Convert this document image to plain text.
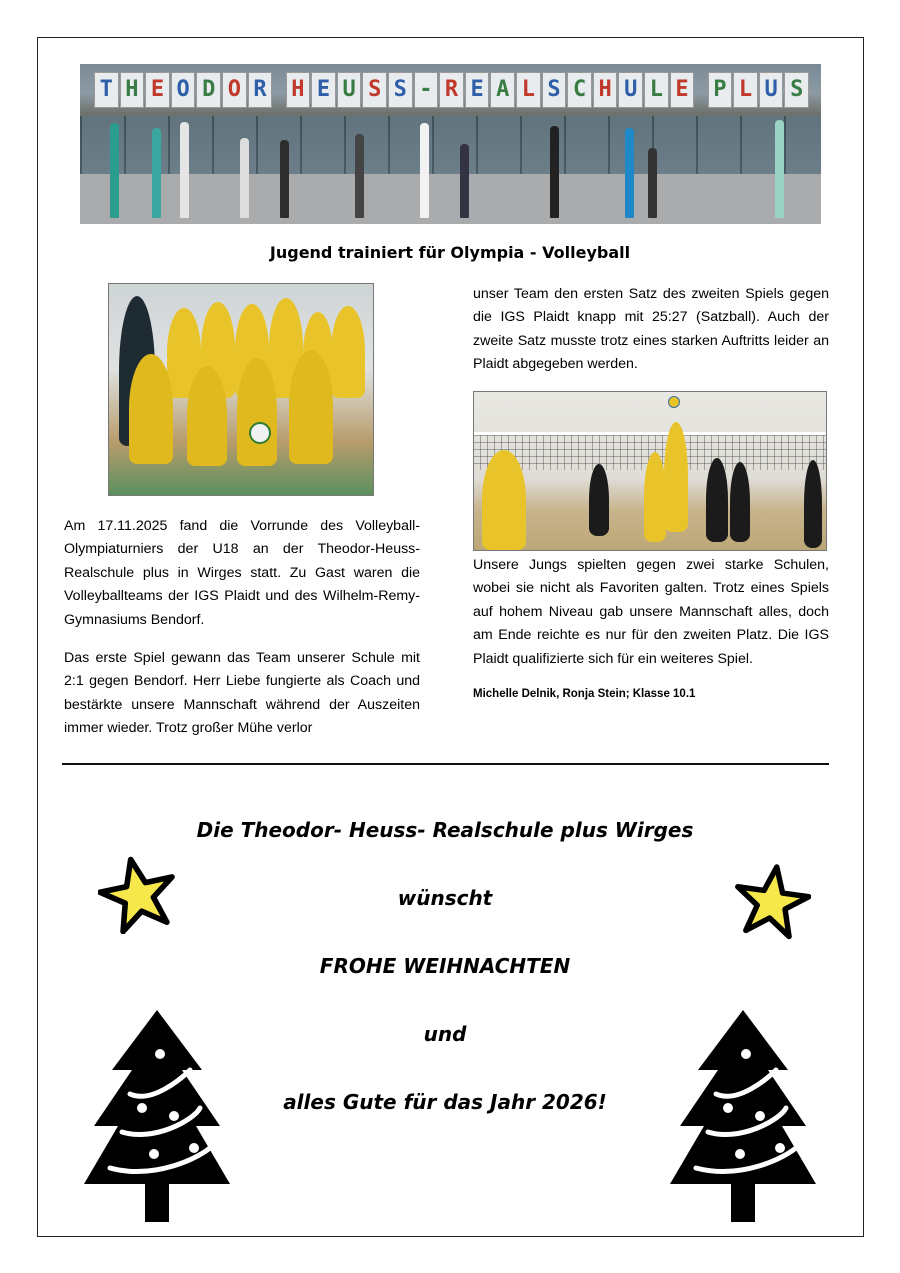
T H E O D O R H E U S S - R E A L S C H U L E P L U S
Jugend trainiert für Olympia - Volleyball
Am 17.11.2025 fand die Vorrunde des Volleyball-Olympiaturniers der U18 an der Theodor-Heuss-Realschule plus in Wirges statt. Zu Gast waren die Volleyballteams der IGS Plaidt und des Wilhelm-Remy-Gymnasiums Bendorf.
Das erste Spiel gewann das Team unserer Schule mit 2:1 gegen Bendorf. Herr Liebe fungierte als Coach und bestärkte unsere Mannschaft während der Auszeiten immer wieder. Trotz großer Mühe verlor
unser Team den ersten Satz des zweiten Spiels gegen die IGS Plaidt knapp mit 25:27 (Satzball). Auch der zweite Satz musste trotz eines starken Auftritts leider an Plaidt abgegeben werden.
Unsere Jungs spielten gegen zwei starke Schulen, wobei sie nicht als Favoriten galten. Trotz eines Spiels auf hohem Niveau gab unsere Mannschaft alles, doch am Ende reichte es nur für den zweiten Platz. Die IGS Plaidt qualifizierte sich für ein weiteres Spiel.
Michelle Delnik, Ronja Stein; Klasse 10.1
Die Theodor- Heuss- Realschule plus Wirges
wünscht
FROHE WEIHNACHTEN
und
alles Gute für das Jahr 2026!
